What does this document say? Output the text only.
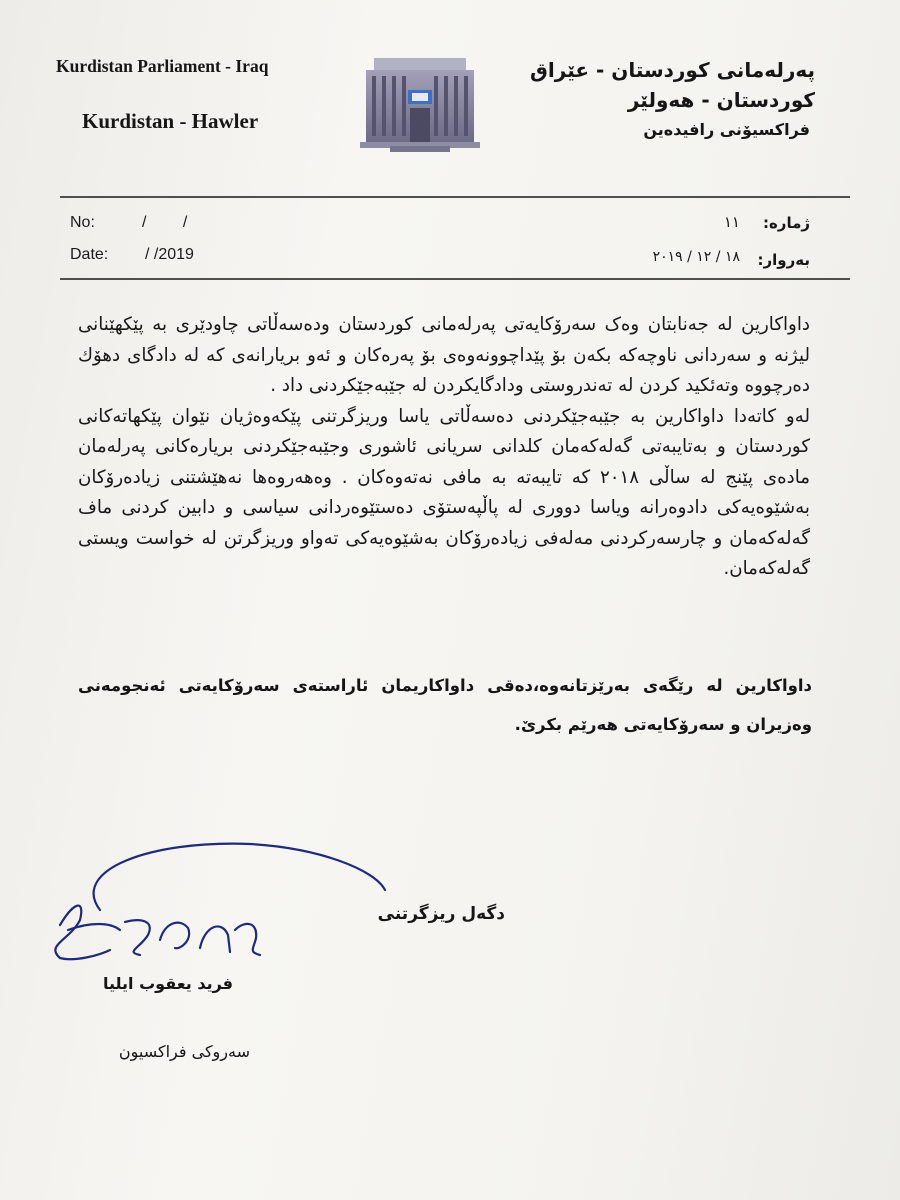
Kurdistan Parliament - Iraq
Kurdistan - Hawler
پەرلەمانی كوردستان - عێراق
كوردستان - هەولێر
فراكسیۆنی رافیدەین
No:	/ /
Date: / /2019
ژمارە:
١١
بەروار:
١٨ / ١٢ / ٢٠١٩

داواكارین لە جەنابتان وەک سەرۆكایەتی پەرلەمانی كوردستان ودەسەڵاتی چاودێری بە پێكهێنانی لیژنە و سەردانی ناوچەكە بكەن بۆ پێداچوونەوەی بۆ پەرەكان و ئەو بریارانەی كە لە دادگای دهۆك دەرچووە وتەئكید كردن لە تەندروستی ودادگایكردن لە جێبەجێكردنی داد .

لەو كاتەدا داواكارین بە جێبەجێكردنی دەسەڵاتی یاسا وریزگرتنی پێكەوەژیان نێوان پێكهاتەكانی كوردستان و بەتایبەتی گەلەكەمان كلدانی سریانی ئاشوری وجێبەجێكردنی بریارەكانی پەرلەمان مادەی پێنج لە ساڵی ٢٠١٨ كە تایبەتە بە مافی نەتەوەكان . وەهەروەها نەهێشتنی زیادەرۆكان بەشێوەیەكی دادوەرانە ویاسا دووری لە پاڵپەستۆی دەستێوەردانی سیاسی و دابین كردنی ماف گەلەكەمان و چارسەركردنی مەلەفی زیادەرۆكان بەشێوەیەكی تەواو وریزگرتن لە خواست ویستی گەلەكەمان.

داواكارین لە رێگەی بەرێزتانەوە،دەقی داواكاریمان ئاراستەی سەرۆكایەتی ئەنجومەنی وەزیران و سەرۆكایەتی هەرێم بكرێ.
دگەل ریزگرتنی
فرید یعقوب ایلیا
سەروكی فراكسیون
